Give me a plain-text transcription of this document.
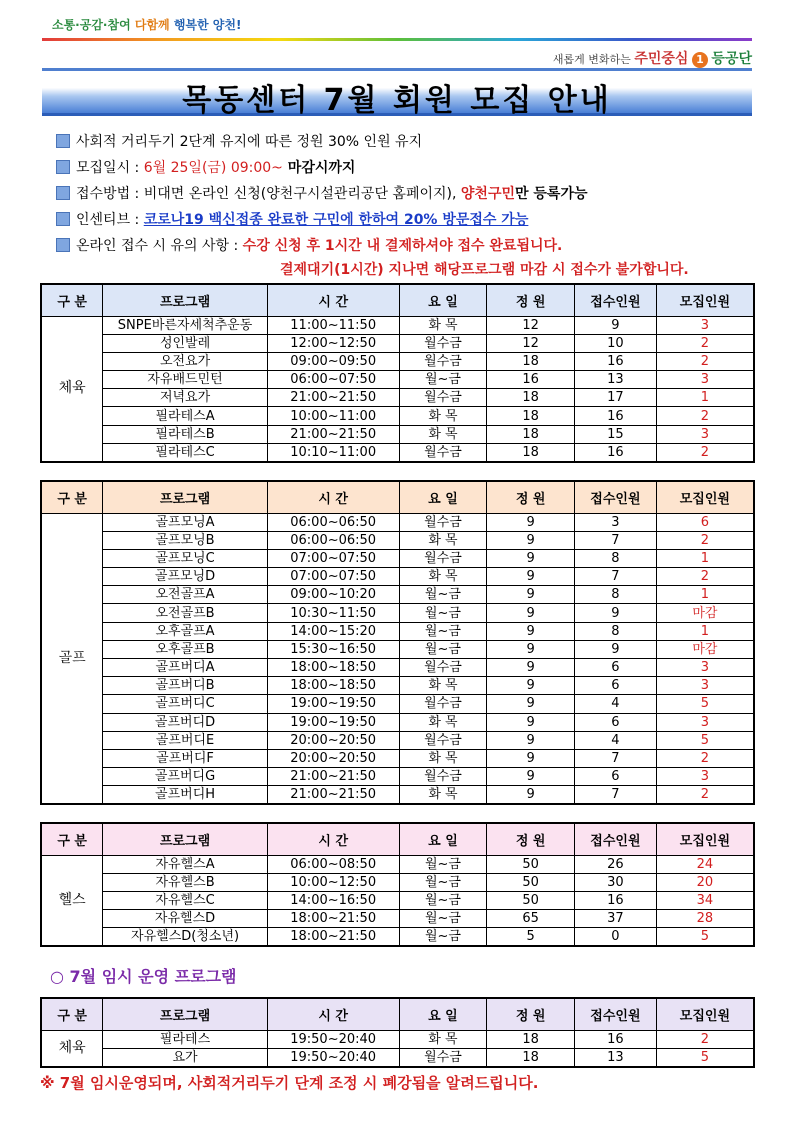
소통·공감·참여 다함께 행복한 양천!
새롭게 변화하는 주민중심 1 등공단
목동센터 7월 회원 모집 안내
사회적 거리두기 2단계 유지에 따른 정원 30% 인원 유지
모집일시 : 6월 25일(금) 09:00~ 마감시까지
접수방법 : 비대면 온라인 신청(양천구시설관리공단 홈페이지), 양천구민만 등록가능
인센티브 : 코로나19 백신접종 완료한 구민에 한하여 20% 방문접수 가능
온라인 접수 시 유의 사항 : 수강 신청 후 1시간 내 결제하셔야 접수 완료됩니다.
결제대기(1시간) 지나면 해당프로그램 마감 시 접수가 불가합니다.
구 분	프로그램	시 간	요 일	정 원	접수인원	모집인원
체육	SNPE바른자세척추운동	11:00~11:50	화 목	12	9	3
	성인발레	12:00~12:50	월수금	12	10	2
	오전요가	09:00~09:50	월수금	18	16	2
	자유배드민턴	06:00~07:50	월~금	16	13	3
	저녁요가	21:00~21:50	월수금	18	17	1
	필라테스A	10:00~11:00	화 목	18	16	2
	필라테스B	21:00~21:50	화 목	18	15	3
	필라테스C	10:10~11:00	월수금	18	16	2
구 분	프로그램	시 간	요 일	정 원	접수인원	모집인원
골프	골프모닝A	06:00~06:50	월수금	9	3	6
	골프모닝B	06:00~06:50	화 목	9	7	2
	골프모닝C	07:00~07:50	월수금	9	8	1
	골프모닝D	07:00~07:50	화 목	9	7	2
	오전골프A	09:00~10:20	월~금	9	8	1
	오전골프B	10:30~11:50	월~금	9	9	마감
	오후골프A	14:00~15:20	월~금	9	8	1
	오후골프B	15:30~16:50	월~금	9	9	마감
	골프버디A	18:00~18:50	월수금	9	6	3
	골프버디B	18:00~18:50	화 목	9	6	3
	골프버디C	19:00~19:50	월수금	9	4	5
	골프버디D	19:00~19:50	화 목	9	6	3
	골프버디E	20:00~20:50	월수금	9	4	5
	골프버디F	20:00~20:50	화 목	9	7	2
	골프버디G	21:00~21:50	월수금	9	6	3
	골프버디H	21:00~21:50	화 목	9	7	2
구 분	프로그램	시 간	요 일	정 원	접수인원	모집인원
헬스	자유헬스A	06:00~08:50	월~금	50	26	24
	자유헬스B	10:00~12:50	월~금	50	30	20
	자유헬스C	14:00~16:50	월~금	50	16	34
	자유헬스D	18:00~21:50	월~금	65	37	28
	자유헬스D(청소년)	18:00~21:50	월~금	5	0	5
○ 7월 임시 운영 프로그램
구 분	프로그램	시 간	요 일	정 원	접수인원	모집인원
체육	필라테스	19:50~20:40	화 목	18	16	2
	요가	19:50~20:40	월수금	18	13	5
※ 7월 임시운영되며, 사회적거리두기 단계 조정 시 폐강됨을 알려드립니다.
